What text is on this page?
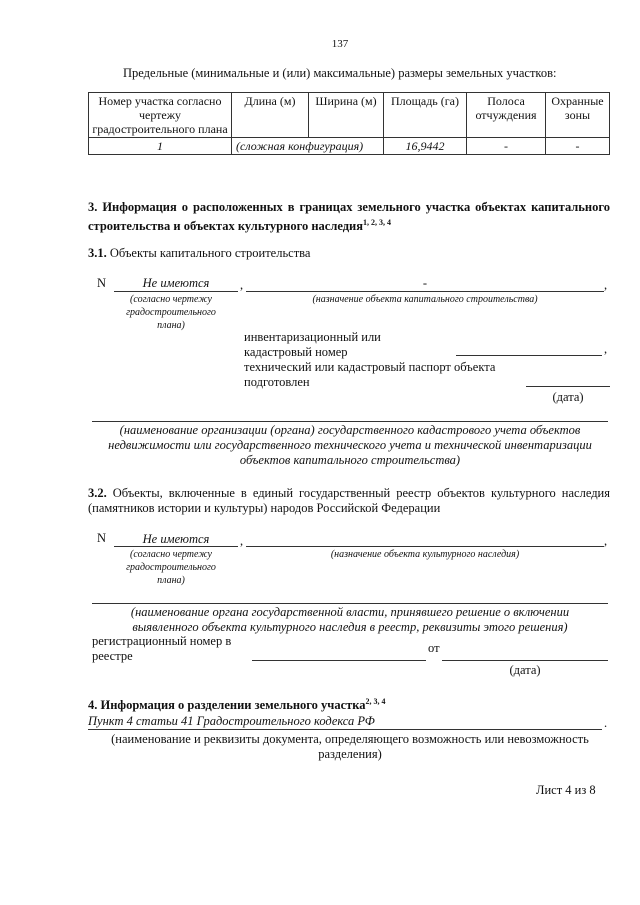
137
Предельные (минимальные и (или) максимальные) размеры земельных участков:
Номер участка согласно чертежу градостроительного плана	Длина (м)	Ширина (м)	Площадь (га)	Полоса отчуждения	Охранные зоны
1	(сложная конфигурация)		16,9442	-	-
3. Информация о расположенных в границах земельного участка объектах капитального строительства и объектах культурного наследия$^{1, 2, 3, 4}$
3.1. Объекты капитального строительства
N	Не имеются	,	-	,
(согласно чертежу градостроительного плана)
(назначение объекта капитального строительства)
инвентаризационный или кадастровый номер	,
технический или кадастровый паспорт объекта подготовлен
(дата)
(наименование организации (органа) государственного кадастрового учета объектов недвижимости или государственного технического учета и технической инвентаризации объектов капитального строительства)
3.2. Объекты, включенные в единый государственный реестр объектов культурного наследия (памятников истории и культуры) народов Российской Федерации
N	Не имеются	,	,
(согласно чертежу градостроительного плана)
(назначение объекта культурного наследия)
(наименование органа государственной власти, принявшего решение о включении выявленного объекта культурного наследия в реестр, реквизиты этого решения)
регистрационный номер в реестре
от
(дата)
4. Информация о разделении земельного участка$^{2, 3, 4}$
Пункт 4 статьи 41 Градостроительного кодекса РФ	.
(наименование и реквизиты документа, определяющего возможность или невозможность разделения)
Лист 4 из 8
